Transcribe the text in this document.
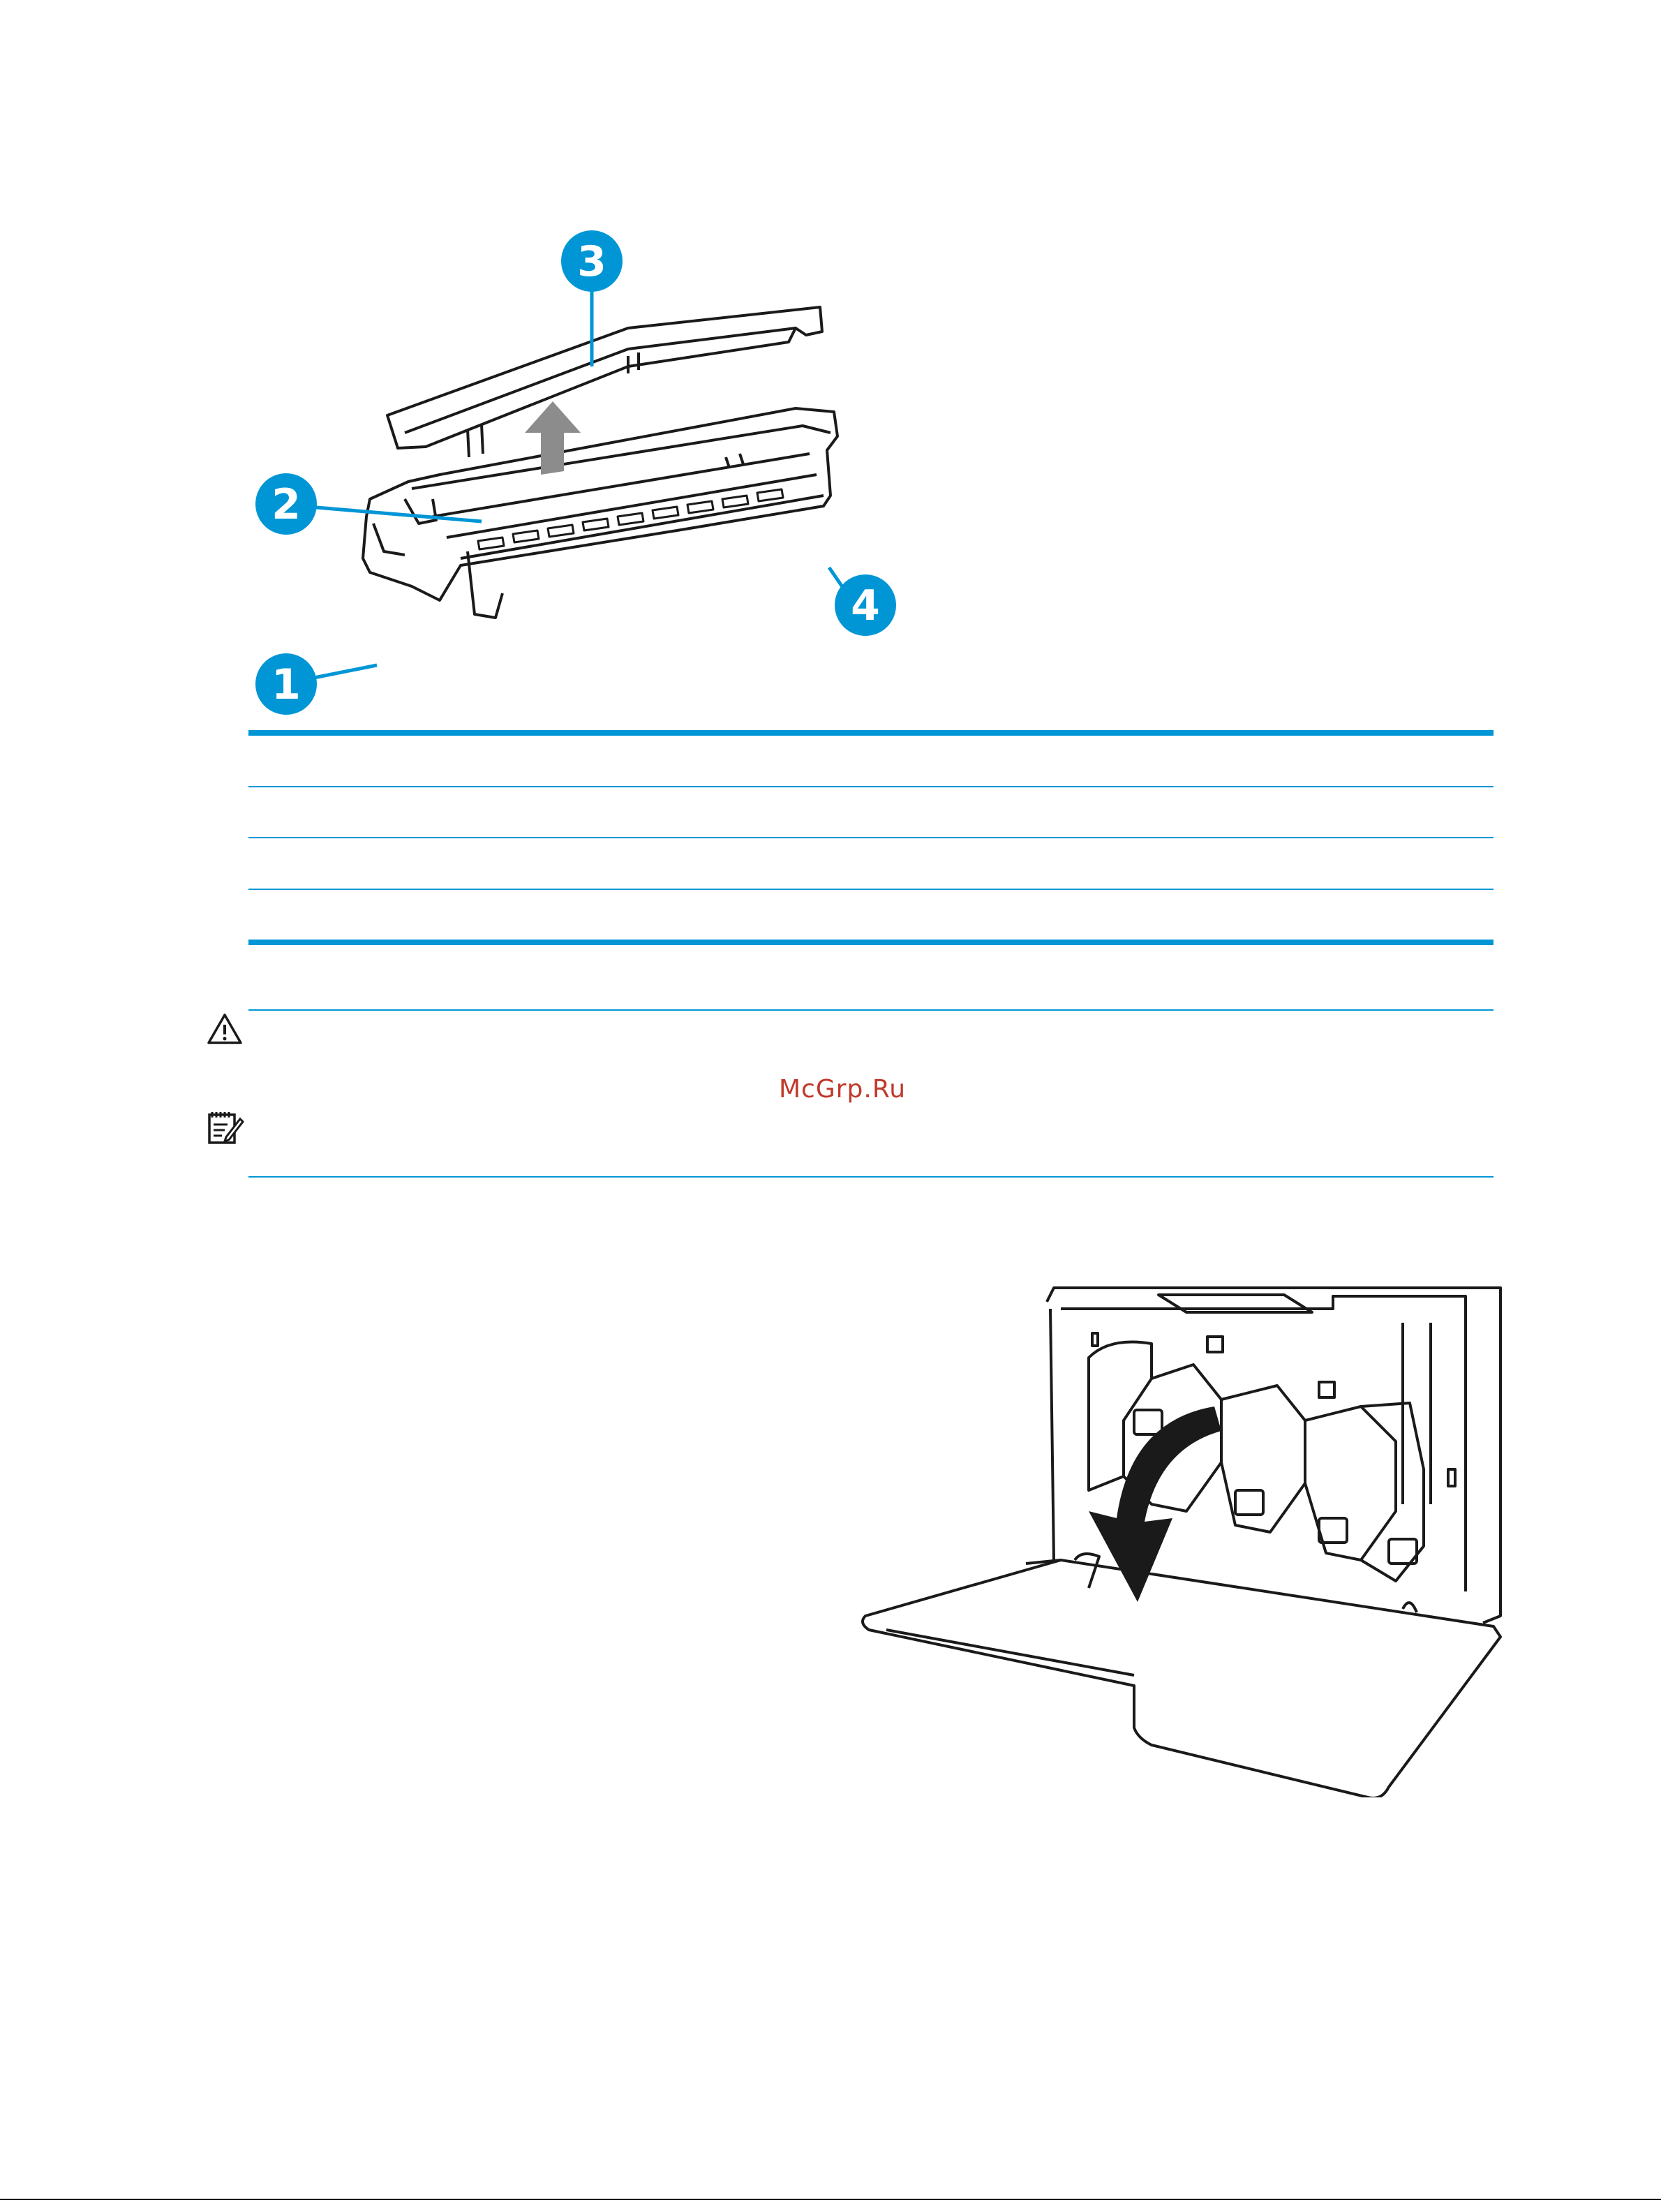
1
2
3
4
McGrp.Ru
